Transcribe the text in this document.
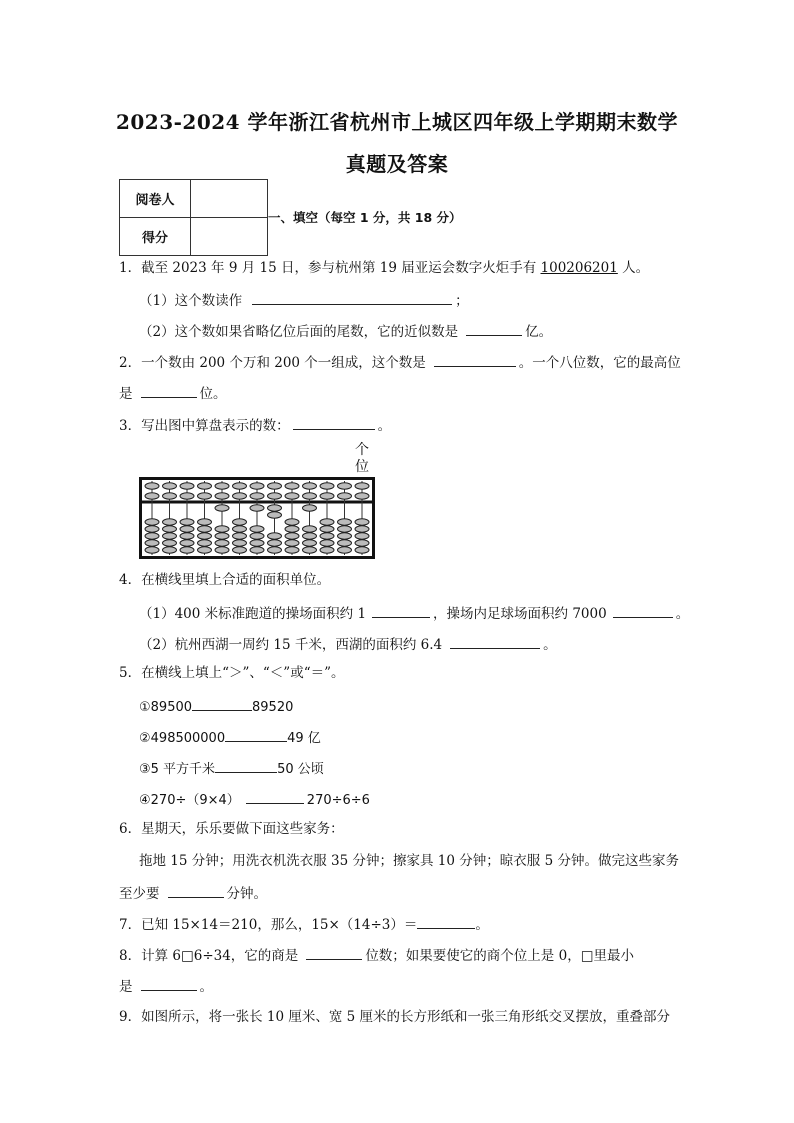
2023-2024 学年浙江省杭州市上城区四年级上学期期末数学
真题及答案
阅卷人	
得分	
一、填空（每空 1 分，共 18 分）
1．截至 2023 年 9 月 15 日，参与杭州第 19 届亚运会数字火炬手有 100206201 人。
（1）这个数读作	；
（2）这个数如果省略亿位后面的尾数，它的近似数是	亿。
2．一个数由 200 个万和 200 个一组成，这个数是	。一个八位数，它的最高位
是	位。
3．写出图中算盘表示的数：	。
个位
4．在横线里填上合适的面积单位。
（1）400 米标准跑道的操场面积约 1	，操场内足球场面积约 7000	。
（2）杭州西湖一周约 15 千米，西湖的面积约 6.4	。
5．在横线上填上“＞”、“＜”或“＝”。
①89500	89520
②498500000	49 亿
③5 平方千米	50 公顷
④270÷（9×4）	270÷6÷6
6．星期天，乐乐要做下面这些家务：
拖地 15 分钟；用洗衣机洗衣服 35 分钟；擦家具 10 分钟；晾衣服 5 分钟。做完这些家务
至少要	分钟。
7．已知 15×14＝210，那么，15×（14÷3）＝	。
8．计算 6□6÷34，它的商是	位数；如果要使它的商个位上是 0，□里最小
是	。
9．如图所示，将一张长 10 厘米、宽 5 厘米的长方形纸和一张三角形纸交叉摆放，重叠部分
